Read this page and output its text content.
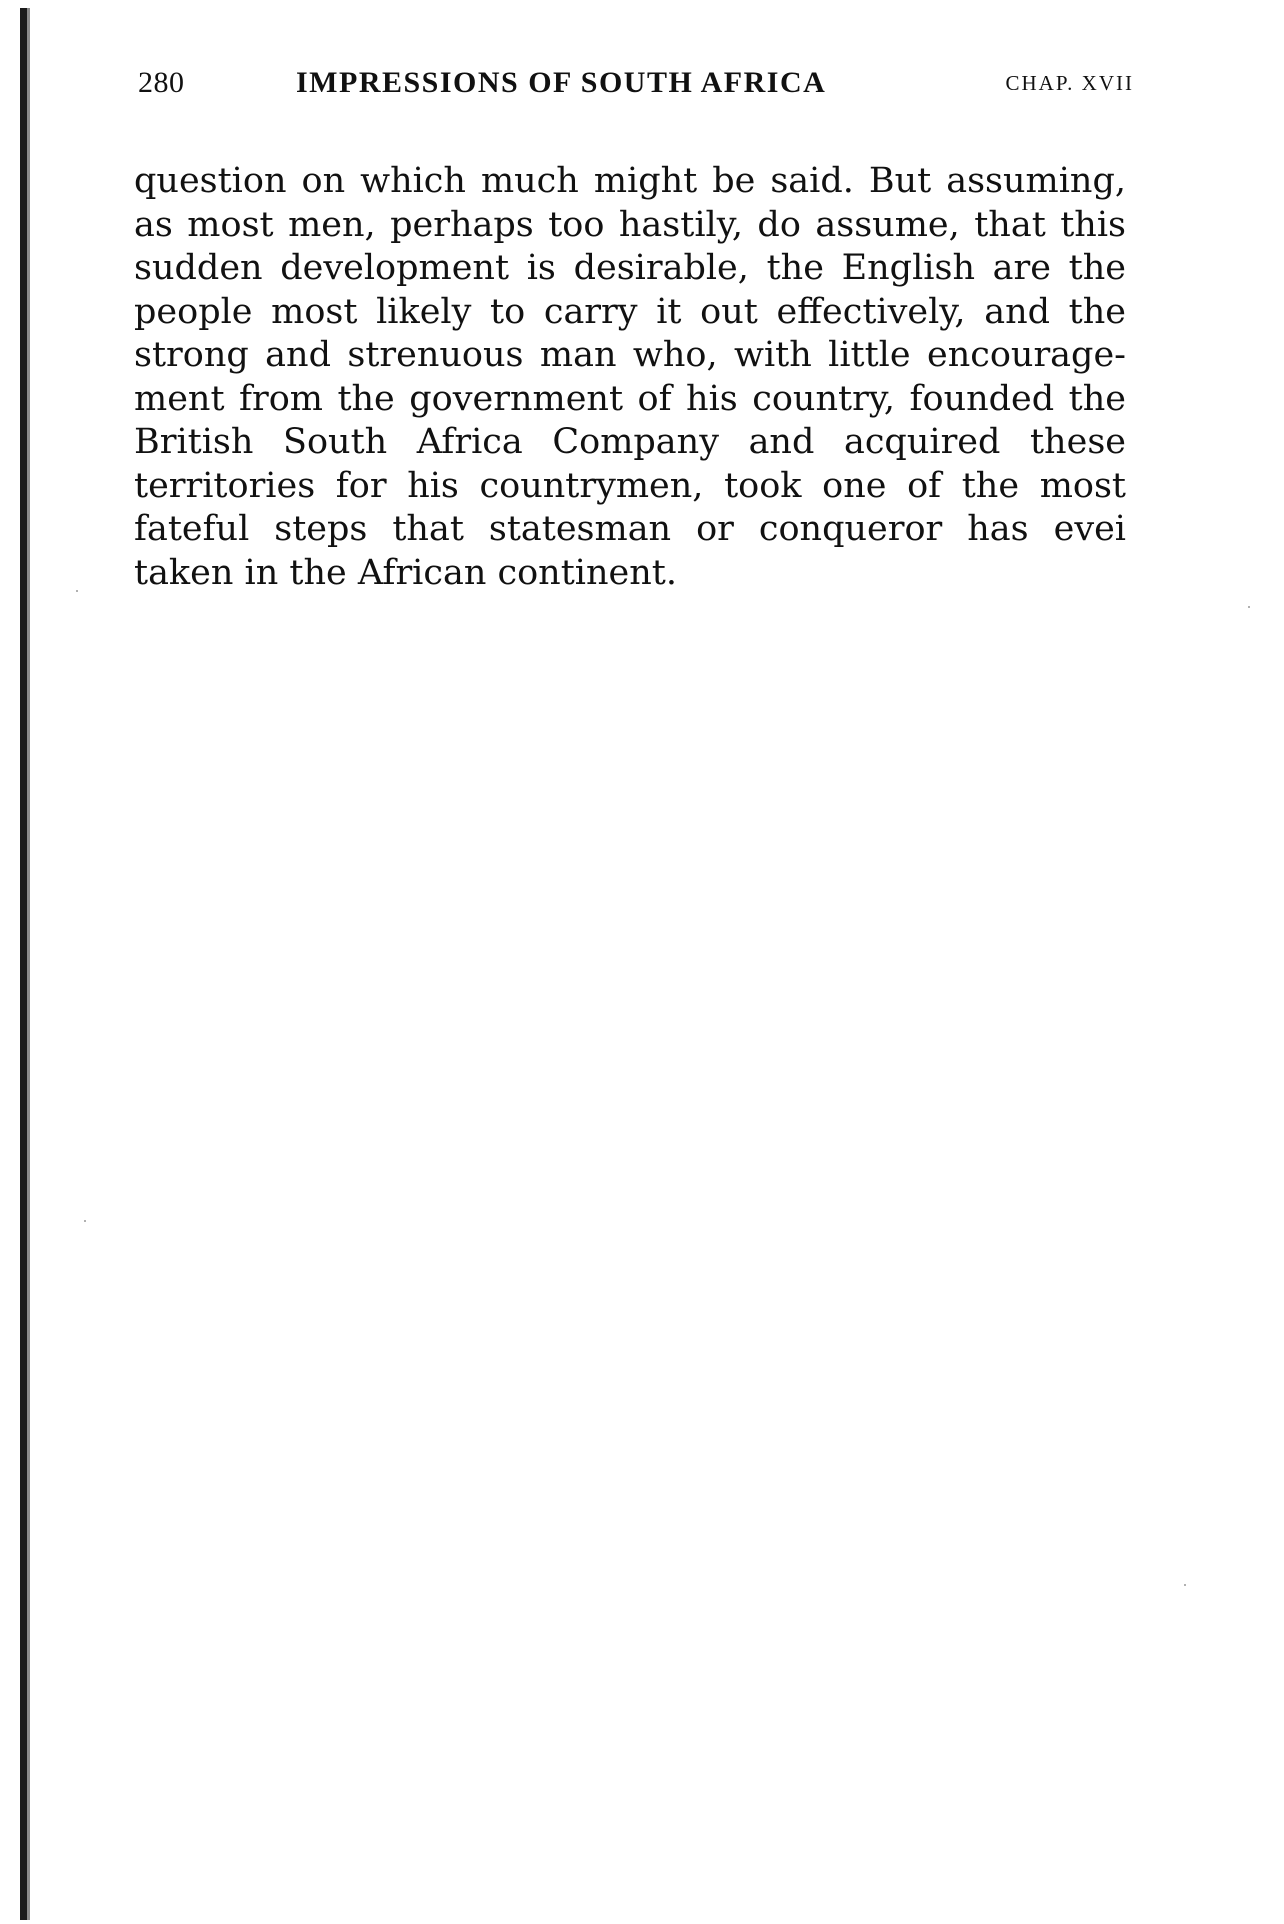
280	IMPRESSIONS OF SOUTH AFRICA	CHAP. XVII
question on which much might be said. But assuming,
as most men, perhaps too hastily, do assume, that this
sudden development is desirable, the English are the
people most likely to carry it out effectively, and the
strong and strenuous man who, with little encourage-
ment from the government of his country, founded the
British South Africa Company and acquired these
territories for his countrymen, took one of the most
fateful steps that statesman or conqueror has evei
taken in the African continent.
